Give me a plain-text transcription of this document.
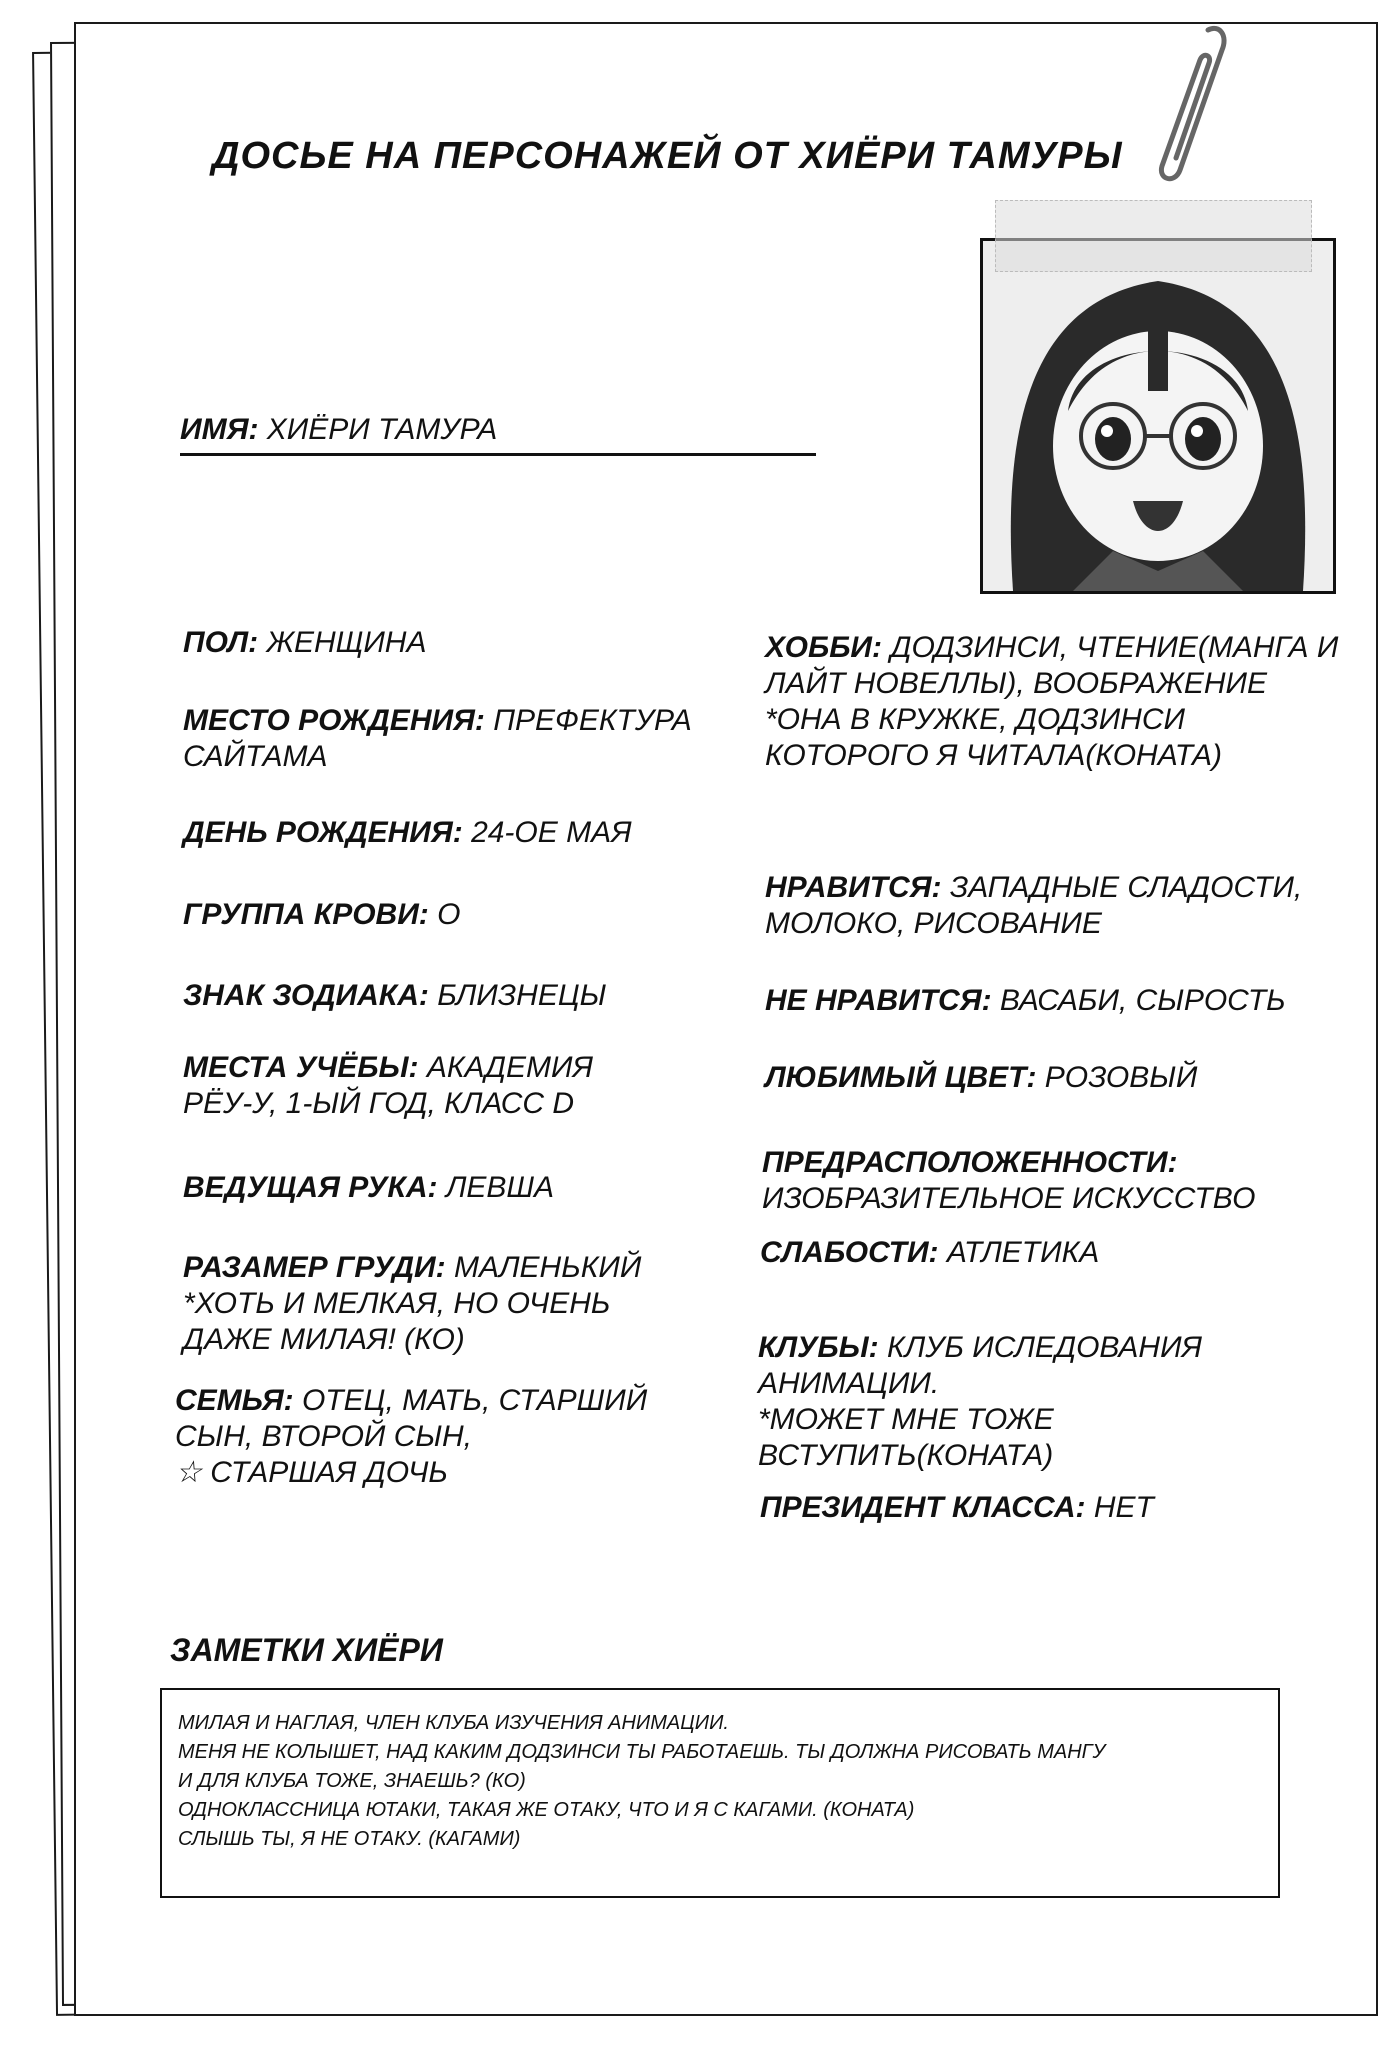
ДОСЬЕ НА ПЕРСОНАЖЕЙ ОТ ХИЁРИ ТАМУРЫ
ИМЯ: ХИЁРИ ТАМУРА
ПОЛ: ЖЕНЩИНА
МЕСТО РОЖДЕНИЯ: ПРЕФЕКТУРА САЙТАМА
ДЕНЬ РОЖДЕНИЯ: 24-ОЕ МАЯ
ГРУППА КРОВИ: О
ЗНАК ЗОДИАКА: БЛИЗНЕЦЫ
МЕСТА УЧЁБЫ: АКАДЕМИЯ РЁУ-У, 1-ЫЙ ГОД, КЛАСС D
ВЕДУЩАЯ РУКА: ЛЕВША
РАЗАМЕР ГРУДИ: МАЛЕНЬКИЙ
*ХОТЬ И МЕЛКАЯ, НО ОЧЕНЬ ДАЖЕ МИЛАЯ! (КО)
СЕМЬЯ: ОТЕЦ, МАТЬ, СТАРШИЙ СЫН, ВТОРОЙ СЫН,
☆ СТАРШАЯ ДОЧЬ
ХОББИ: ДОДЗИНСИ, ЧТЕНИЕ(МАНГА И ЛАЙТ НОВЕЛЛЫ), ВООБРАЖЕНИЕ
*ОНА В КРУЖКЕ, ДОДЗИНСИ КОТОРОГО Я ЧИТАЛА(КОНАТА)
НРАВИТСЯ: ЗАПАДНЫЕ СЛАДОСТИ, МОЛОКО, РИСОВАНИЕ
НЕ НРАВИТСЯ: ВАСАБИ, СЫРОСТЬ
ЛЮБИМЫЙ ЦВЕТ: РОЗОВЫЙ
ПРЕДРАСПОЛОЖЕННОСТИ: ИЗОБРАЗИТЕЛЬНОЕ ИСКУССТВО
СЛАБОСТИ: АТЛЕТИКА
КЛУБЫ: КЛУБ ИСЛЕДОВАНИЯ АНИМАЦИИ.
*МОЖЕТ МНЕ ТОЖЕ ВСТУПИТЬ(КОНАТА)
ПРЕЗИДЕНТ КЛАССА: НЕТ
ЗАМЕТКИ ХИЁРИ

МИЛАЯ И НАГЛАЯ, ЧЛЕН КЛУБА ИЗУЧЕНИЯ АНИМАЦИИ.

МЕНЯ НЕ КОЛЫШЕТ, НАД КАКИМ ДОДЗИНСИ ТЫ РАБОТАЕШЬ. ТЫ ДОЛЖНА РИСОВАТЬ МАНГУ

И ДЛЯ КЛУБА ТОЖЕ, ЗНАЕШЬ? (КО)

ОДНОКЛАССНИЦА ЮТАКИ, ТАКАЯ ЖЕ ОТАКУ, ЧТО И Я С КАГАМИ. (КОНАТА)

СЛЫШЬ ТЫ, Я НЕ ОТАКУ. (КАГАМИ)
